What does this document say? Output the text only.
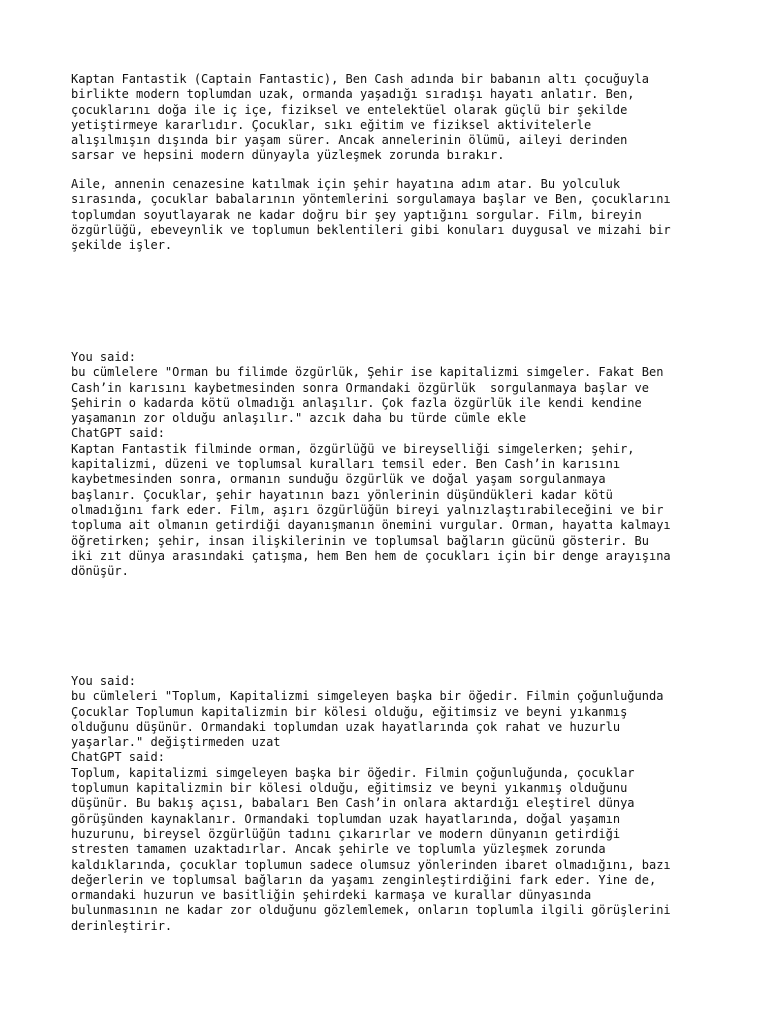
Kaptan Fantastik (Captain Fantastic), Ben Cash adında bir babanın altı çocuğuyla
birlikte modern toplumdan uzak, ormanda yaşadığı sıradışı hayatı anlatır. Ben,
çocuklarını doğa ile iç içe, fiziksel ve entelektüel olarak güçlü bir şekilde
yetiştirmeye kararlıdır. Çocuklar, sıkı eğitim ve fiziksel aktivitelerle
alışılmışın dışında bir yaşam sürer. Ancak annelerinin ölümü, aileyi derinden
sarsar ve hepsini modern dünyayla yüzleşmek zorunda bırakır.

Aile, annenin cenazesine katılmak için şehir hayatına adım atar. Bu yolculuk
sırasında, çocuklar babalarının yöntemlerini sorgulamaya başlar ve Ben, çocuklarını
toplumdan soyutlayarak ne kadar doğru bir şey yaptığını sorgular. Film, bireyin
özgürlüğü, ebeveynlik ve toplumun beklentileri gibi konuları duygusal ve mizahi bir
şekilde işler.

You said:
bu cümlelere "Orman bu filimde özgürlük, Şehir ise kapitalizmi simgeler. Fakat Ben
Cash’in karısını kaybetmesinden sonra Ormandaki özgürlük  sorgulanmaya başlar ve
Şehirin o kadarda kötü olmadığı anlaşılır. Çok fazla özgürlük ile kendi kendine
yaşamanın zor olduğu anlaşılır." azcık daha bu türde cümle ekle
ChatGPT said:
Kaptan Fantastik filminde orman, özgürlüğü ve bireyselliği simgelerken; şehir,
kapitalizmi, düzeni ve toplumsal kuralları temsil eder. Ben Cash’in karısını
kaybetmesinden sonra, ormanın sunduğu özgürlük ve doğal yaşam sorgulanmaya
başlanır. Çocuklar, şehir hayatının bazı yönlerinin düşündükleri kadar kötü
olmadığını fark eder. Film, aşırı özgürlüğün bireyi yalnızlaştırabileceğini ve bir
topluma ait olmanın getirdiği dayanışmanın önemini vurgular. Orman, hayatta kalmayı
öğretirken; şehir, insan ilişkilerinin ve toplumsal bağların gücünü gösterir. Bu
iki zıt dünya arasındaki çatışma, hem Ben hem de çocukları için bir denge arayışına
dönüşür.

You said:
bu cümleleri "Toplum, Kapitalizmi simgeleyen başka bir öğedir. Filmin çoğunluğunda
Çocuklar Toplumun kapitalizmin bir kölesi olduğu, eğitimsiz ve beyni yıkanmış
olduğunu düşünür. Ormandaki toplumdan uzak hayatlarında çok rahat ve huzurlu
yaşarlar." değiştirmeden uzat
ChatGPT said:
Toplum, kapitalizmi simgeleyen başka bir öğedir. Filmin çoğunluğunda, çocuklar
toplumun kapitalizmin bir kölesi olduğu, eğitimsiz ve beyni yıkanmış olduğunu
düşünür. Bu bakış açısı, babaları Ben Cash’in onlara aktardığı eleştirel dünya
görüşünden kaynaklanır. Ormandaki toplumdan uzak hayatlarında, doğal yaşamın
huzurunu, bireysel özgürlüğün tadını çıkarırlar ve modern dünyanın getirdiği
stresten tamamen uzaktadırlar. Ancak şehirle ve toplumla yüzleşmek zorunda
kaldıklarında, çocuklar toplumun sadece olumsuz yönlerinden ibaret olmadığını, bazı
değerlerin ve toplumsal bağların da yaşamı zenginleştirdiğini fark eder. Yine de,
ormandaki huzurun ve basitliğin şehirdeki karmaşa ve kurallar dünyasında
bulunmasının ne kadar zor olduğunu gözlemlemek, onların toplumla ilgili görüşlerini
derinleştirir.
